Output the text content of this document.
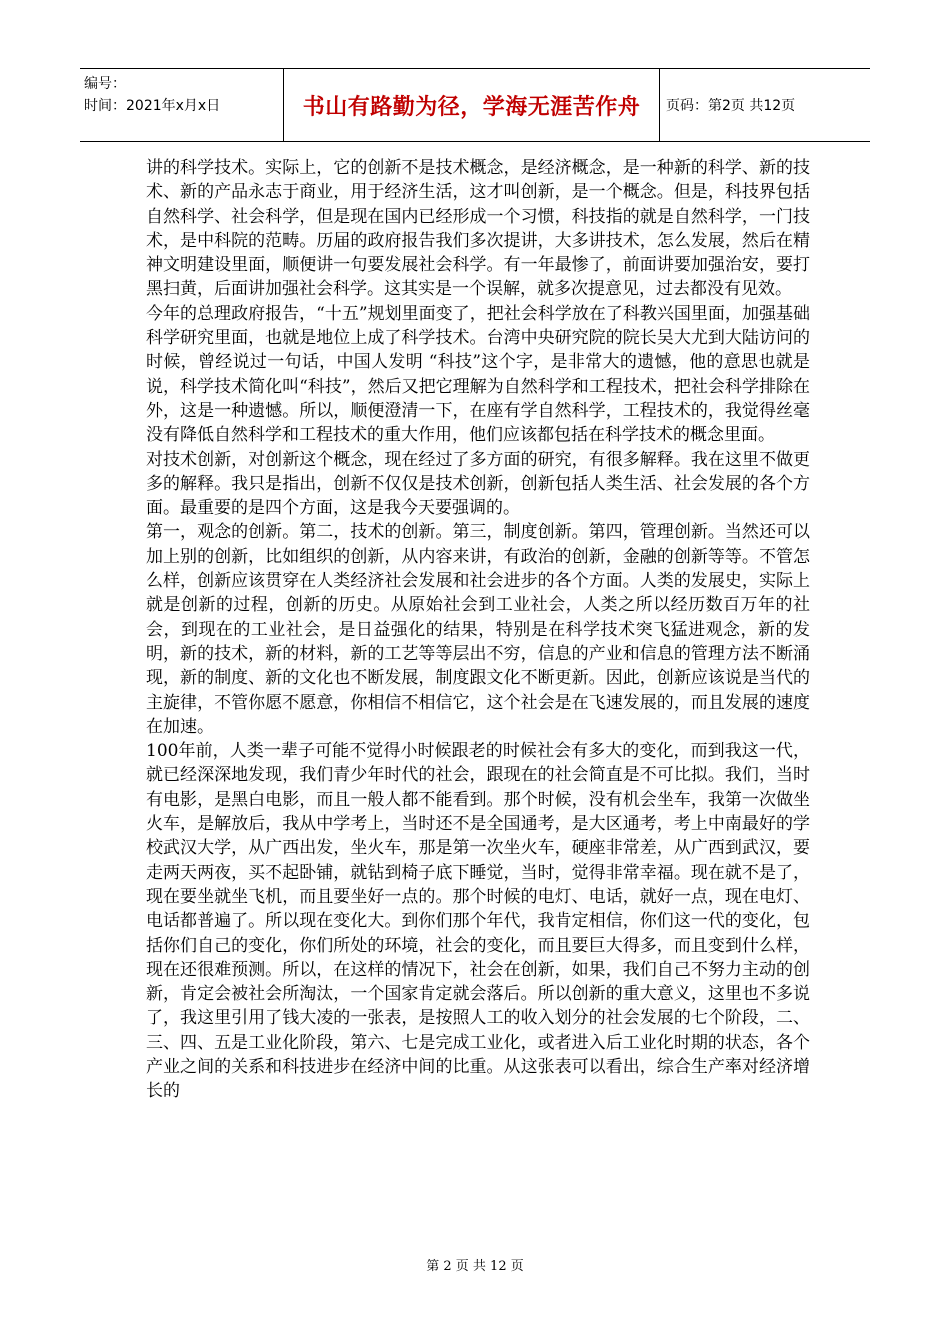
编号：
时间：2021年x月x日	书山有路勤为径，学海无涯苦作舟	页码：第2页 共12页

讲的科学技术。实际上，它的创新不是技术概念，是经济概念，是一种新的科学、新的技术、新的产品永志于商业，用于经济生活，这才叫创新，是一个概念。但是，科技界包括自然科学、社会科学，但是现在国内已经形成一个习惯，科技指的就是自然科学，一门技术，是中科院的范畴。历届的政府报告我们多次提讲，大多讲技术，怎么发展，然后在精神文明建设里面，顺便讲一句要发展社会科学。有一年最惨了，前面讲要加强治安，要打黑扫黄，后面讲加强社会科学。这其实是一个误解，就多次提意见，过去都没有见效。

今年的总理政府报告，“十五”规划里面变了，把社会科学放在了科教兴国里面，加强基础科学研究里面，也就是地位上成了科学技术。台湾中央研究院的院长吴大尤到大陆访问的时候，曾经说过一句话，中国人发明 “科技”这个字，是非常大的遗憾，他的意思也就是说，科学技术简化叫“科技”，然后又把它理解为自然科学和工程技术，把社会科学排除在外，这是一种遗憾。所以，顺便澄清一下，在座有学自然科学，工程技术的，我觉得丝毫没有降低自然科学和工程技术的重大作用，他们应该都包括在科学技术的概念里面。

对技术创新，对创新这个概念，现在经过了多方面的研究，有很多解释。我在这里不做更多的解释。我只是指出，创新不仅仅是技术创新，创新包括人类生活、社会发展的各个方面。最重要的是四个方面，这是我今天要强调的。

第一，观念的创新。第二，技术的创新。第三，制度创新。第四，管理创新。当然还可以加上别的创新，比如组织的创新，从内容来讲，有政治的创新，金融的创新等等。不管怎么样，创新应该贯穿在人类经济社会发展和社会进步的各个方面。人类的发展史，实际上就是创新的过程，创新的历史。从原始社会到工业社会，人类之所以经历数百万年的社会，到现在的工业社会，是日益强化的结果，特别是在科学技术突飞猛进观念，新的发明，新的技术，新的材料，新的工艺等等层出不穷，信息的产业和信息的管理方法不断涌现，新的制度、新的文化也不断发展，制度跟文化不断更新。因此，创新应该说是当代的主旋律，不管你愿不愿意，你相信不相信它，这个社会是在飞速发展的，而且发展的速度在加速。

100年前，人类一辈子可能不觉得小时候跟老的时候社会有多大的变化，而到我这一代，就已经深深地发现，我们青少年时代的社会，跟现在的社会简直是不可比拟。我们，当时有电影，是黑白电影，而且一般人都不能看到。那个时候，没有机会坐车，我第一次做坐火车，是解放后，我从中学考上，当时还不是全国通考，是大区通考，考上中南最好的学校武汉大学，从广西出发，坐火车，那是第一次坐火车，硬座非常差，从广西到武汉，要走两天两夜，买不起卧铺，就钻到椅子底下睡觉，当时，觉得非常幸福。现在就不是了，现在要坐就坐飞机，而且要坐好一点的。那个时候的电灯、电话，就好一点，现在电灯、电话都普遍了。所以现在变化大。到你们那个年代，我肯定相信，你们这一代的变化，包括你们自己的变化，你们所处的环境，社会的变化，而且要巨大得多，而且变到什么样，现在还很难预测。所以，在这样的情况下，社会在创新，如果，我们自己不努力主动的创新，肯定会被社会所淘汰，一个国家肯定就会落后。所以创新的重大意义，这里也不多说了，我这里引用了钱大凌的一张表，是按照人工的收入划分的社会发展的七个阶段，二、三、四、五是工业化阶段，第六、七是完成工业化，或者进入后工业化时期的状态，各个产业之间的关系和科技进步在经济中间的比重。从这张表可以看出，综合生产率对经济增长的

第 2 页 共 12 页
